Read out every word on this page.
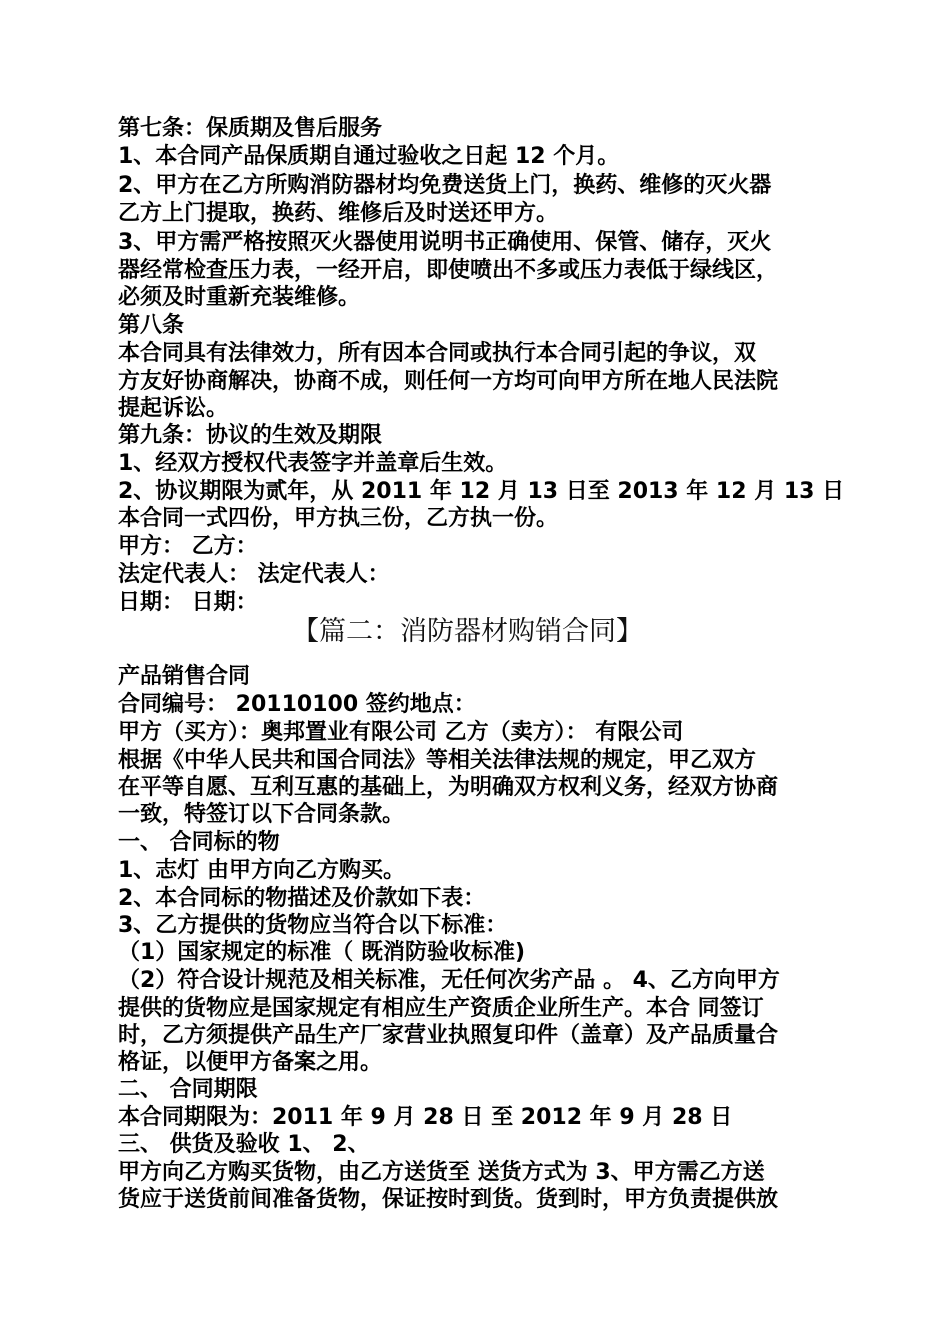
第七条：保质期及售后服务
1、本合同产品保质期自通过验收之日起 12 个月。
2、甲方在乙方所购消防器材均免费送货上门，换药、维修的灭火器
乙方上门提取，换药、维修后及时送还甲方。
3、甲方需严格按照灭火器使用说明书正确使用、保管、储存，灭火
器经常检查压力表，一经开启，即使喷出不多或压力表低于绿线区，
必须及时重新充装维修。
第八条
本合同具有法律效力，所有因本合同或执行本合同引起的争议，双
方友好协商解决，协商不成，则任何一方均可向甲方所在地人民法院
提起诉讼。
第九条：协议的生效及期限
1、经双方授权代表签字并盖章后生效。
2、协议期限为贰年，从 2011 年 12 月 13 日至 2013 年 12 月 13 日
本合同一式四份，甲方执三份，乙方执一份。
甲方： 乙方：
法定代表人： 法定代表人：
日期： 日期：
【篇二：消防器材购销合同】
产品销售合同
合同编号： 20110100 签约地点：
甲方（买方）：奥邦置业有限公司 乙方（卖方）： 有限公司
根据《中华人民共和国合同法》等相关法律法规的规定，甲乙双方
在平等自愿、互利互惠的基础上，为明确双方权利义务，经双方协商
一致，特签订以下合同条款。
一、 合同标的物
1、志灯 由甲方向乙方购买。
2、本合同标的物描述及价款如下表：
3、乙方提供的货物应当符合以下标准：
（1）国家规定的标准（ 既消防验收标准)
（2）符合设计规范及相关标准，无任何次劣产品 。 4、乙方向甲方
提供的货物应是国家规定有相应生产资质企业所生产。本合 同签订
时，乙方须提供产品生产厂家营业执照复印件（盖章）及产品质量合
格证，以便甲方备案之用。
二、 合同期限
本合同期限为：2011 年 9 月 28 日 至 2012 年 9 月 28 日
三、 供货及验收 1、 2、
甲方向乙方购买货物，由乙方送货至 送货方式为 3、甲方需乙方送
货应于送货前间准备货物，保证按时到货。货到时，甲方负责提供放
